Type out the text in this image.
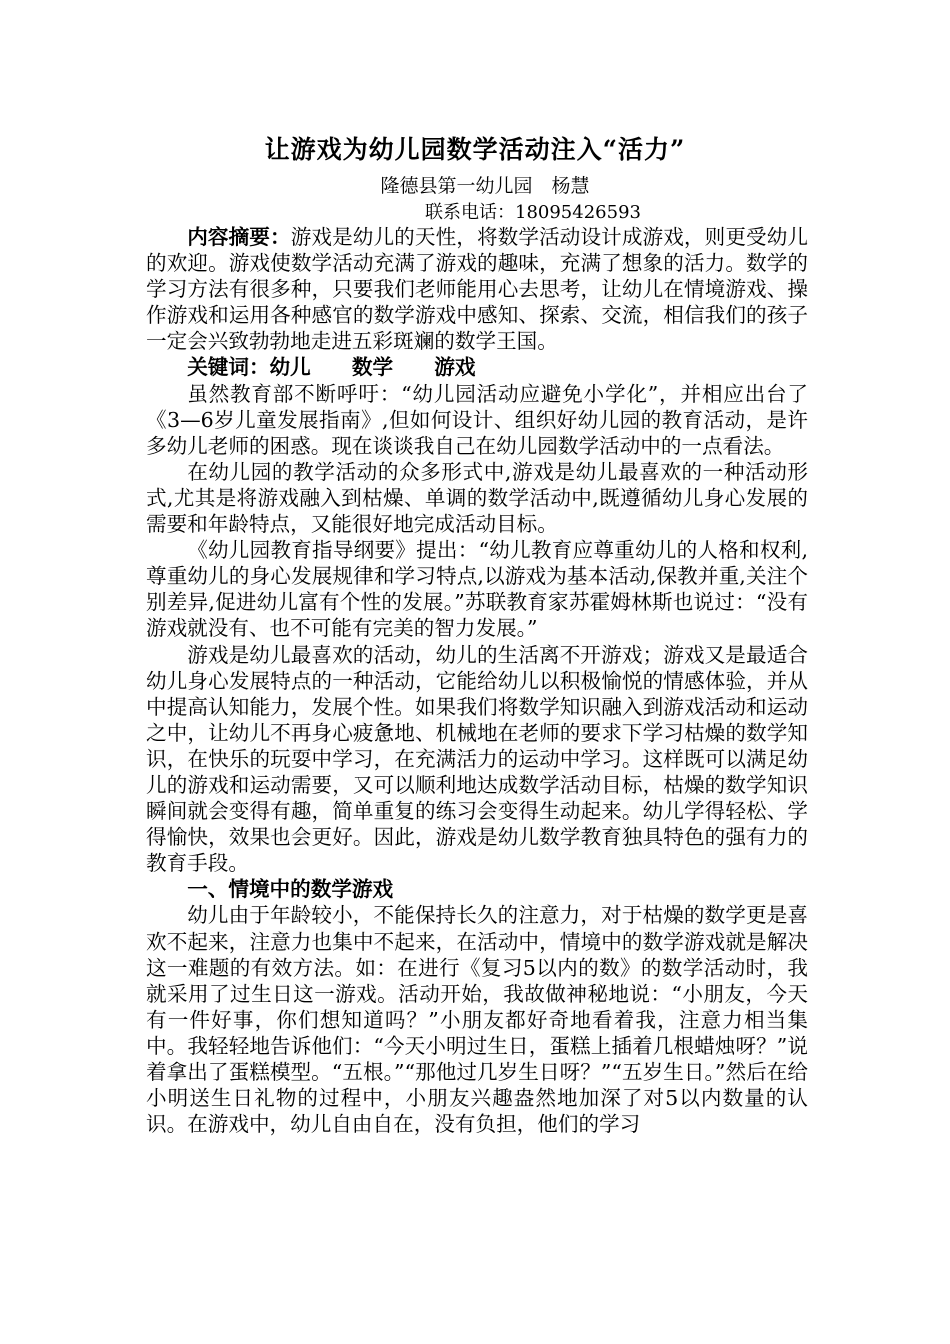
让游戏为幼儿园数学活动注入“活力”
隆德县第一幼儿园　杨慧
联系电话：18095426593

内容摘要：游戏是幼儿的天性，将数学活动设计成游戏，则更受幼儿的欢迎。游戏使数学活动充满了游戏的趣味，充满了想象的活力。数学的学习方法有很多种，只要我们老师能用心去思考，让幼儿在情境游戏、操作游戏和运用各种感官的数学游戏中感知、探索、交流，相信我们的孩子一定会兴致勃勃地走进五彩斑斓的数学王国。

关键词：幼儿　　数学　　游戏

虽然教育部不断呼吁：“幼儿园活动应避免小学化”，并相应出台了《3—6岁儿童发展指南》,但如何设计、组织好幼儿园的教育活动，是许多幼儿老师的困惑。现在谈谈我自己在幼儿园数学活动中的一点看法。

在幼儿园的教学活动的众多形式中,游戏是幼儿最喜欢的一种活动形式,尤其是将游戏融入到枯燥、单调的数学活动中,既遵循幼儿身心发展的需要和年龄特点，又能很好地完成活动目标。

《幼儿园教育指导纲要》提出：“幼儿教育应尊重幼儿的人格和权利,尊重幼儿的身心发展规律和学习特点,以游戏为基本活动,保教并重,关注个别差异,促进幼儿富有个性的发展。”苏联教育家苏霍姆林斯也说过：“没有游戏就没有、也不可能有完美的智力发展。”

游戏是幼儿最喜欢的活动，幼儿的生活离不开游戏；游戏又是最适合幼儿身心发展特点的一种活动，它能给幼儿以积极愉悦的情感体验，并从中提高认知能力，发展个性。如果我们将数学知识融入到游戏活动和运动之中，让幼儿不再身心疲惫地、机械地在老师的要求下学习枯燥的数学知识，在快乐的玩耍中学习，在充满活力的运动中学习。这样既可以满足幼儿的游戏和运动需要，又可以顺利地达成数学活动目标，枯燥的数学知识瞬间就会变得有趣，简单重复的练习会变得生动起来。幼儿学得轻松、学得愉快，效果也会更好。因此，游戏是幼儿数学教育独具特色的强有力的教育手段。

一、情境中的数学游戏

幼儿由于年龄较小，不能保持长久的注意力，对于枯燥的数学更是喜欢不起来，注意力也集中不起来，在活动中，情境中的数学游戏就是解决这一难题的有效方法。如：在进行《复习5以内的数》的数学活动时，我就采用了过生日这一游戏。活动开始，我故做神秘地说：“小朋友，今天有一件好事，你们想知道吗？”小朋友都好奇地看着我，注意力相当集中。我轻轻地告诉他们：“今天小明过生日，蛋糕上插着几根蜡烛呀？”说着拿出了蛋糕模型。“五根。”“那他过几岁生日呀？”“五岁生日。”然后在给小明送生日礼物的过程中，小朋友兴趣盎然地加深了对5以内数量的认识。在游戏中，幼儿自由自在，没有负担，他们的学习
